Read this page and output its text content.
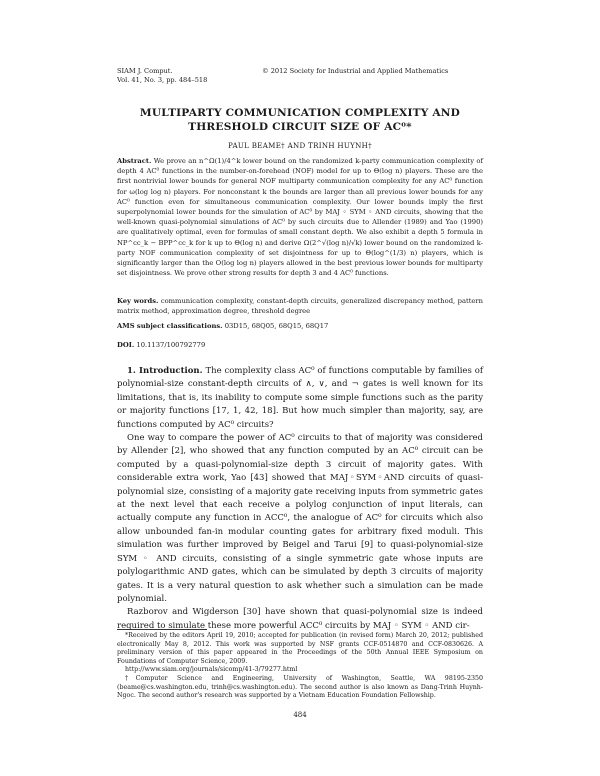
SIAM J. Comput.
Vol. 41, No. 3, pp. 484–518
© 2012 Society for Industrial and Applied Mathematics
MULTIPARTY COMMUNICATION COMPLEXITY AND
THRESHOLD CIRCUIT SIZE OF AC⁰*
PAUL BEAME† AND TRINH HUYNH†
Abstract. We prove an n^Ω(1)/4^k lower bound on the randomized k-party communication complexity of depth 4 AC⁰ functions in the number-on-forehead (NOF) model for up to Θ(log n) players. These are the first nontrivial lower bounds for general NOF multiparty communication complexity for any AC⁰ function for ω(log log n) players. For nonconstant k the bounds are larger than all previous lower bounds for any AC⁰ function even for simultaneous communication complexity. Our lower bounds imply the first superpolynomial lower bounds for the simulation of AC⁰ by MAJ ◦ SYM ◦ AND circuits, showing that the well-known quasi-polynomial simulations of AC⁰ by such circuits due to Allender (1989) and Yao (1990) are qualitatively optimal, even for formulas of small constant depth. We also exhibit a depth 5 formula in NP^cc_k − BPP^cc_k for k up to Θ(log n) and derive Ω(2^√(log n)/√k) lower bound on the randomized k-party NOF communication complexity of set disjointness for up to Θ(log^(1/3) n) players, which is significantly larger than the O(log log n) players allowed in the best previous lower bounds for multiparty set disjointness. We prove other strong results for depth 3 and 4 AC⁰ functions.
Key words. communication complexity, constant-depth circuits, generalized discrepancy method, pattern matrix method, approximation degree, threshold degree
AMS subject classifications. 03D15, 68Q05, 68Q15, 68Q17
DOI. 10.1137/100792779

1. Introduction. The complexity class AC⁰ of functions computable by families of polynomial-size constant-depth circuits of ∧, ∨, and ¬ gates is well known for its limitations, that is, its inability to compute some simple functions such as the parity or majority functions [17, 1, 42, 18]. But how much simpler than majority, say, are functions computed by AC⁰ circuits?

One way to compare the power of AC⁰ circuits to that of majority was considered by Allender [2], who showed that any function computed by an AC⁰ circuit can be computed by a quasi-polynomial-size depth 3 circuit of majority gates. With considerable extra work, Yao [43] showed that MAJ◦SYM◦AND circuits of quasi-polynomial size, consisting of a majority gate receiving inputs from symmetric gates at the next level that each receive a polylog conjunction of input literals, can actually compute any function in ACC⁰, the analogue of AC⁰ for circuits which also allow unbounded fan-in modular counting gates for arbitrary fixed moduli. This simulation was further improved by Beigel and Tarui [9] to quasi-polynomial-size SYM ◦ AND circuits, consisting of a single symmetric gate whose inputs are polylogarithmic AND gates, which can be simulated by depth 3 circuits of majority gates. It is a very natural question to ask whether such a simulation can be made polynomial.

Razborov and Wigderson [30] have shown that quasi-polynomial size is indeed required to simulate these more powerful ACC⁰ circuits by MAJ ◦ SYM ◦ AND cir-

*Received by the editors April 19, 2010; accepted for publication (in revised form) March 20, 2012; published electronically May 8, 2012. This work was supported by NSF grants CCF-0514870 and CCF-0830626. A preliminary version of this paper appeared in the Proceedings of the 50th Annual IEEE Symposium on Foundations of Computer Science, 2009.

http://www.siam.org/journals/sicomp/41-3/79277.html

†Computer Science and Engineering, University of Washington, Seattle, WA 98195-2350 (beame@cs.washington.edu, trinh@cs.washington.edu). The second author is also known as Dang-Trinh Huynh-Ngoc. The second author's research was supported by a Vietnam Education Foundation Fellowship.

484
